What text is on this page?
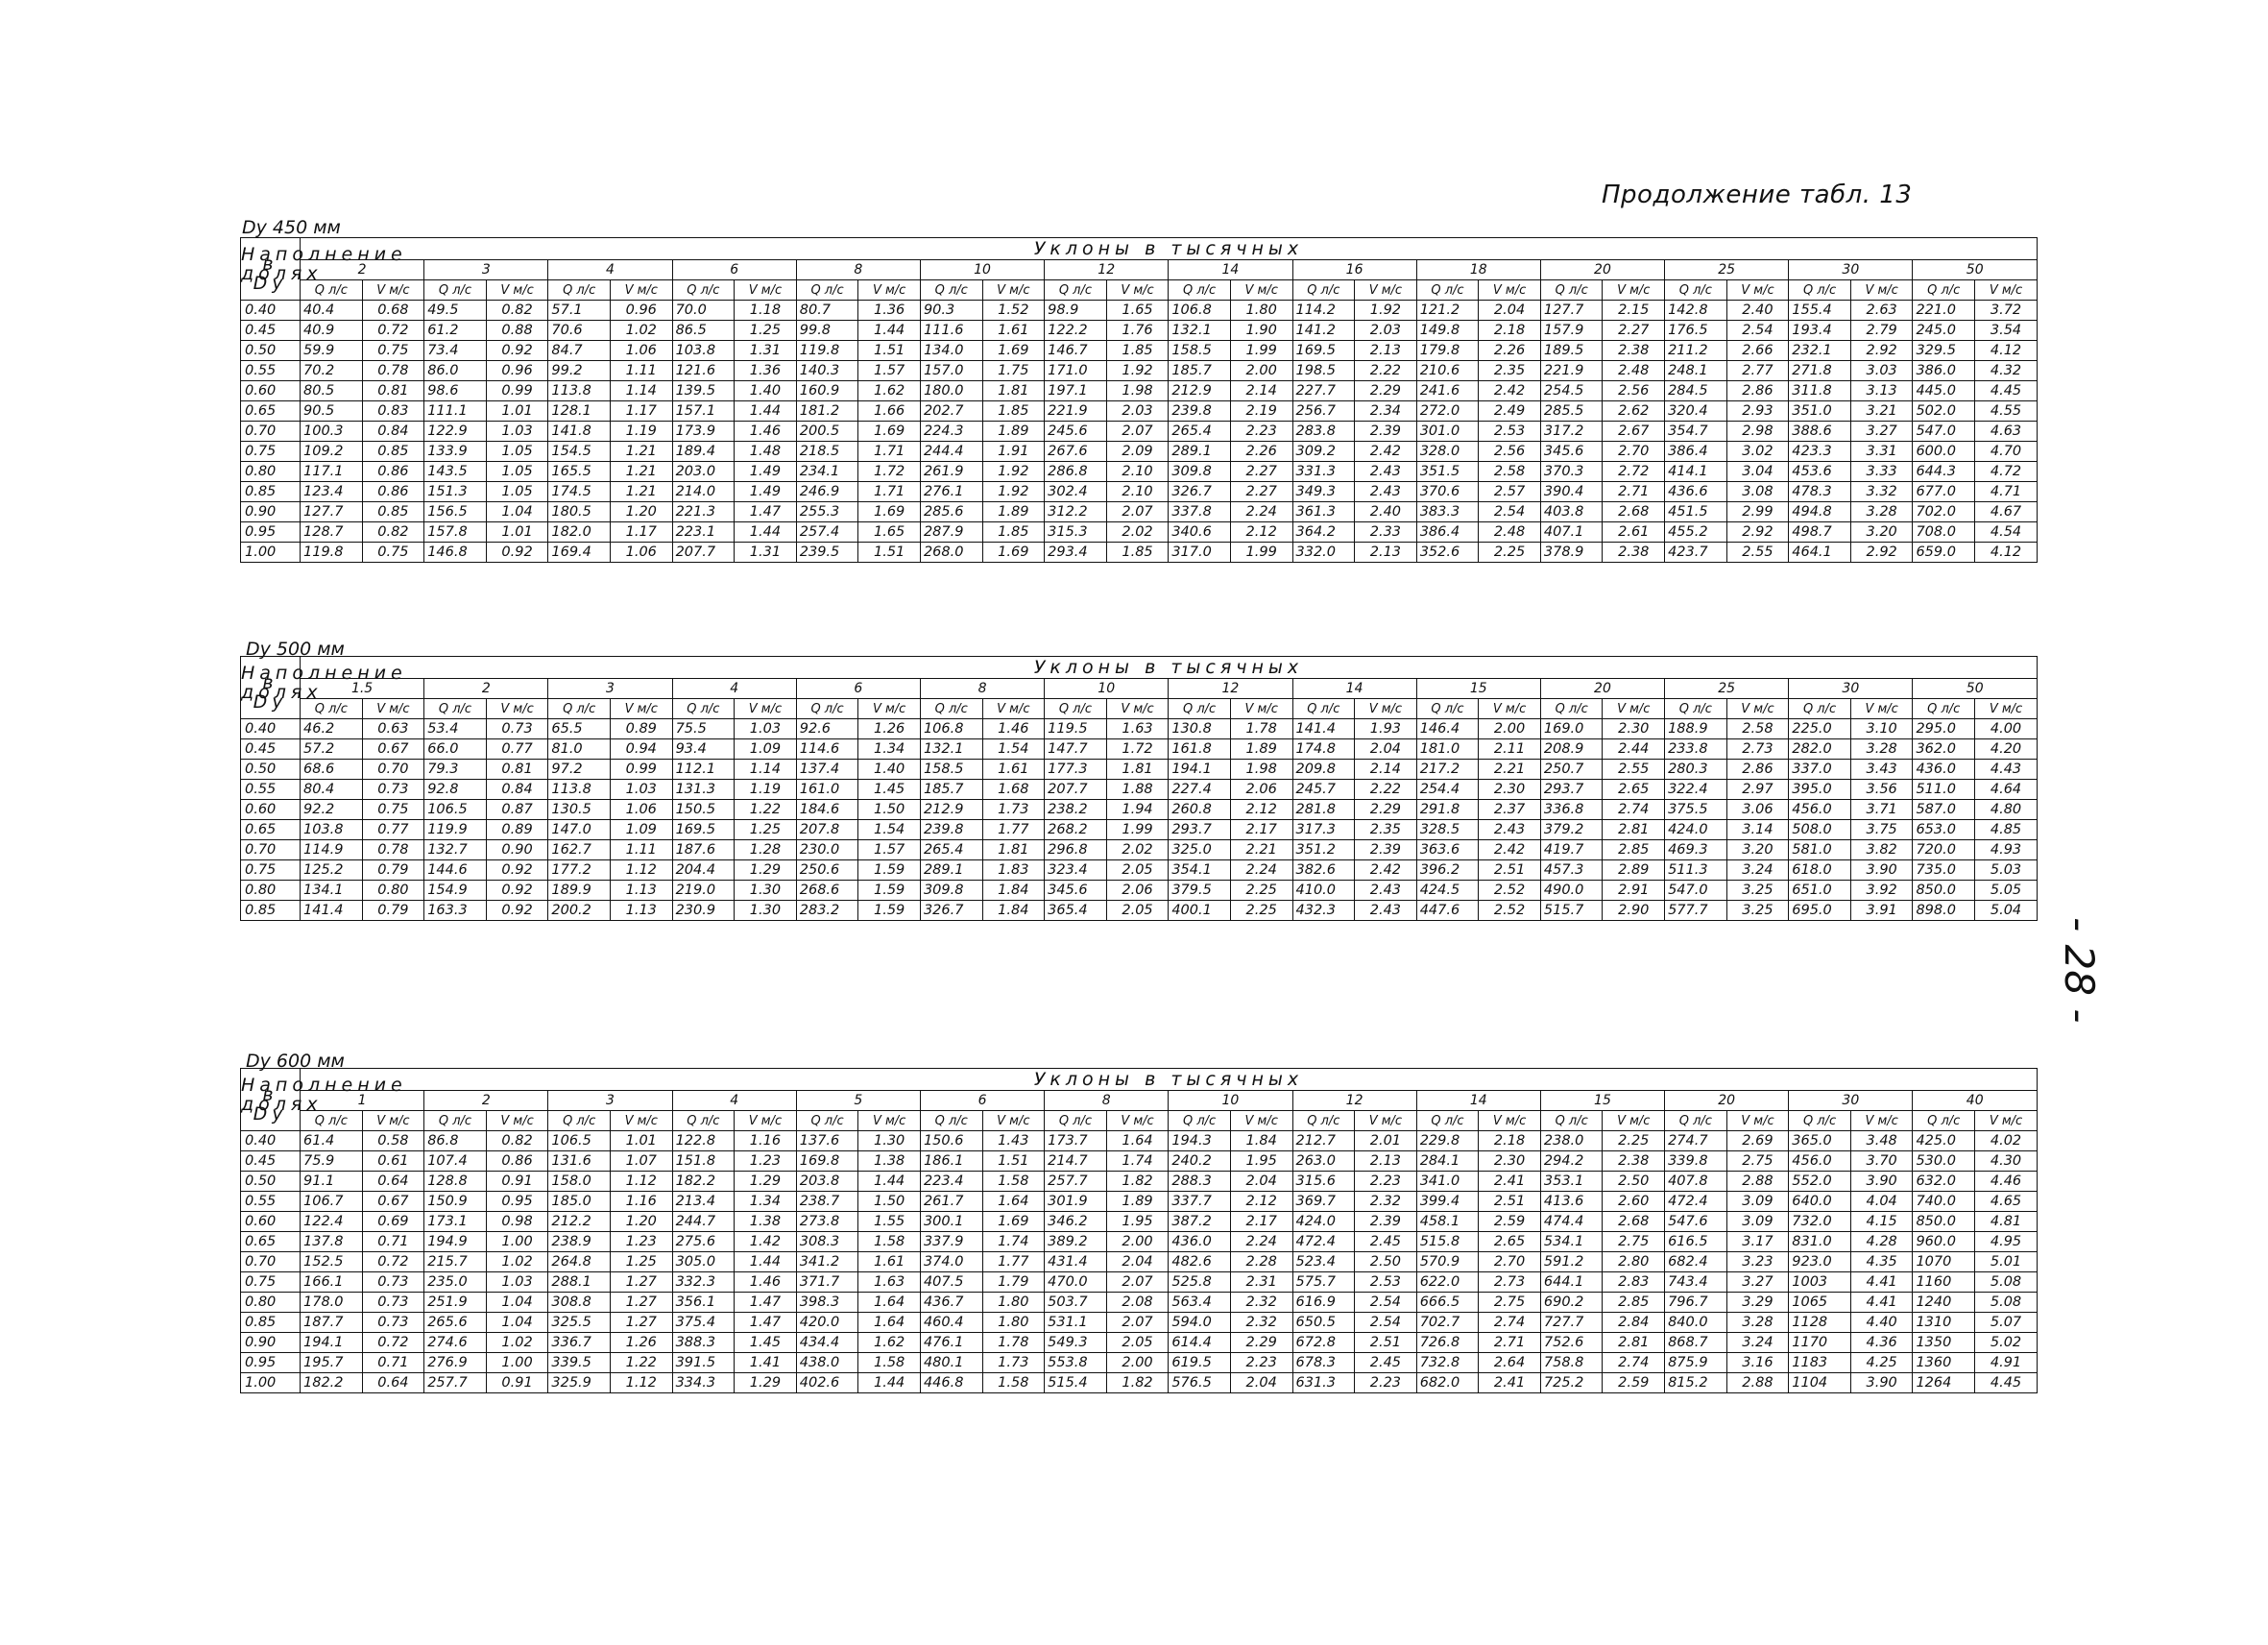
Продолжение табл. 13
- 28 -
Dу 450 мм
Наполнение в долях Dу	Уклоны в тысячных																											
	2		3		4		6		8		10		12		14		16		18		20		25		30		50	
	Q л/с	V м/с	Q л/с	V м/с	Q л/с	V м/с	Q л/с	V м/с	Q л/с	V м/с	Q л/с	V м/с	Q л/с	V м/с	Q л/с	V м/с	Q л/с	V м/с	Q л/с	V м/с	Q л/с	V м/с	Q л/с	V м/с	Q л/с	V м/с	Q л/с	V м/с
0.40	40.4	0.68	49.5	0.82	57.1	0.96	70.0	1.18	80.7	1.36	90.3	1.52	98.9	1.65	106.8	1.80	114.2	1.92	121.2	2.04	127.7	2.15	142.8	2.40	155.4	2.63	221.0	3.72
0.45	40.9	0.72	61.2	0.88	70.6	1.02	86.5	1.25	99.8	1.44	111.6	1.61	122.2	1.76	132.1	1.90	141.2	2.03	149.8	2.18	157.9	2.27	176.5	2.54	193.4	2.79	245.0	3.54
0.50	59.9	0.75	73.4	0.92	84.7	1.06	103.8	1.31	119.8	1.51	134.0	1.69	146.7	1.85	158.5	1.99	169.5	2.13	179.8	2.26	189.5	2.38	211.2	2.66	232.1	2.92	329.5	4.12
0.55	70.2	0.78	86.0	0.96	99.2	1.11	121.6	1.36	140.3	1.57	157.0	1.75	171.0	1.92	185.7	2.00	198.5	2.22	210.6	2.35	221.9	2.48	248.1	2.77	271.8	3.03	386.0	4.32
0.60	80.5	0.81	98.6	0.99	113.8	1.14	139.5	1.40	160.9	1.62	180.0	1.81	197.1	1.98	212.9	2.14	227.7	2.29	241.6	2.42	254.5	2.56	284.5	2.86	311.8	3.13	445.0	4.45
0.65	90.5	0.83	111.1	1.01	128.1	1.17	157.1	1.44	181.2	1.66	202.7	1.85	221.9	2.03	239.8	2.19	256.7	2.34	272.0	2.49	285.5	2.62	320.4	2.93	351.0	3.21	502.0	4.55
0.70	100.3	0.84	122.9	1.03	141.8	1.19	173.9	1.46	200.5	1.69	224.3	1.89	245.6	2.07	265.4	2.23	283.8	2.39	301.0	2.53	317.2	2.67	354.7	2.98	388.6	3.27	547.0	4.63
0.75	109.2	0.85	133.9	1.05	154.5	1.21	189.4	1.48	218.5	1.71	244.4	1.91	267.6	2.09	289.1	2.26	309.2	2.42	328.0	2.56	345.6	2.70	386.4	3.02	423.3	3.31	600.0	4.70
0.80	117.1	0.86	143.5	1.05	165.5	1.21	203.0	1.49	234.1	1.72	261.9	1.92	286.8	2.10	309.8	2.27	331.3	2.43	351.5	2.58	370.3	2.72	414.1	3.04	453.6	3.33	644.3	4.72
0.85	123.4	0.86	151.3	1.05	174.5	1.21	214.0	1.49	246.9	1.71	276.1	1.92	302.4	2.10	326.7	2.27	349.3	2.43	370.6	2.57	390.4	2.71	436.6	3.08	478.3	3.32	677.0	4.71
0.90	127.7	0.85	156.5	1.04	180.5	1.20	221.3	1.47	255.3	1.69	285.6	1.89	312.2	2.07	337.8	2.24	361.3	2.40	383.3	2.54	403.8	2.68	451.5	2.99	494.8	3.28	702.0	4.67
0.95	128.7	0.82	157.8	1.01	182.0	1.17	223.1	1.44	257.4	1.65	287.9	1.85	315.3	2.02	340.6	2.12	364.2	2.33	386.4	2.48	407.1	2.61	455.2	2.92	498.7	3.20	708.0	4.54
1.00	119.8	0.75	146.8	0.92	169.4	1.06	207.7	1.31	239.5	1.51	268.0	1.69	293.4	1.85	317.0	1.99	332.0	2.13	352.6	2.25	378.9	2.38	423.7	2.55	464.1	2.92	659.0	4.12
Dу 500 мм
Наполнение в долях Dу	Уклоны в тысячных																											
	1.5		2		3		4		6		8		10		12		14		15		20		25		30		50	
	Q л/с	V м/с	Q л/с	V м/с	Q л/с	V м/с	Q л/с	V м/с	Q л/с	V м/с	Q л/с	V м/с	Q л/с	V м/с	Q л/с	V м/с	Q л/с	V м/с	Q л/с	V м/с	Q л/с	V м/с	Q л/с	V м/с	Q л/с	V м/с	Q л/с	V м/с
0.40	46.2	0.63	53.4	0.73	65.5	0.89	75.5	1.03	92.6	1.26	106.8	1.46	119.5	1.63	130.8	1.78	141.4	1.93	146.4	2.00	169.0	2.30	188.9	2.58	225.0	3.10	295.0	4.00
0.45	57.2	0.67	66.0	0.77	81.0	0.94	93.4	1.09	114.6	1.34	132.1	1.54	147.7	1.72	161.8	1.89	174.8	2.04	181.0	2.11	208.9	2.44	233.8	2.73	282.0	3.28	362.0	4.20
0.50	68.6	0.70	79.3	0.81	97.2	0.99	112.1	1.14	137.4	1.40	158.5	1.61	177.3	1.81	194.1	1.98	209.8	2.14	217.2	2.21	250.7	2.55	280.3	2.86	337.0	3.43	436.0	4.43
0.55	80.4	0.73	92.8	0.84	113.8	1.03	131.3	1.19	161.0	1.45	185.7	1.68	207.7	1.88	227.4	2.06	245.7	2.22	254.4	2.30	293.7	2.65	322.4	2.97	395.0	3.56	511.0	4.64
0.60	92.2	0.75	106.5	0.87	130.5	1.06	150.5	1.22	184.6	1.50	212.9	1.73	238.2	1.94	260.8	2.12	281.8	2.29	291.8	2.37	336.8	2.74	375.5	3.06	456.0	3.71	587.0	4.80
0.65	103.8	0.77	119.9	0.89	147.0	1.09	169.5	1.25	207.8	1.54	239.8	1.77	268.2	1.99	293.7	2.17	317.3	2.35	328.5	2.43	379.2	2.81	424.0	3.14	508.0	3.75	653.0	4.85
0.70	114.9	0.78	132.7	0.90	162.7	1.11	187.6	1.28	230.0	1.57	265.4	1.81	296.8	2.02	325.0	2.21	351.2	2.39	363.6	2.42	419.7	2.85	469.3	3.20	581.0	3.82	720.0	4.93
0.75	125.2	0.79	144.6	0.92	177.2	1.12	204.4	1.29	250.6	1.59	289.1	1.83	323.4	2.05	354.1	2.24	382.6	2.42	396.2	2.51	457.3	2.89	511.3	3.24	618.0	3.90	735.0	5.03
0.80	134.1	0.80	154.9	0.92	189.9	1.13	219.0	1.30	268.6	1.59	309.8	1.84	345.6	2.06	379.5	2.25	410.0	2.43	424.5	2.52	490.0	2.91	547.0	3.25	651.0	3.92	850.0	5.05
0.85	141.4	0.79	163.3	0.92	200.2	1.13	230.9	1.30	283.2	1.59	326.7	1.84	365.4	2.05	400.1	2.25	432.3	2.43	447.6	2.52	515.7	2.90	577.7	3.25	695.0	3.91	898.0	5.04
Dу 600 мм
Наполнение в долях Dу	Уклоны в тысячных																											
	1		2		3		4		5		6		8		10		12		14		15		20		30		40	
	Q л/с	V м/с	Q л/с	V м/с	Q л/с	V м/с	Q л/с	V м/с	Q л/с	V м/с	Q л/с	V м/с	Q л/с	V м/с	Q л/с	V м/с	Q л/с	V м/с	Q л/с	V м/с	Q л/с	V м/с	Q л/с	V м/с	Q л/с	V м/с	Q л/с	V м/с
0.40	61.4	0.58	86.8	0.82	106.5	1.01	122.8	1.16	137.6	1.30	150.6	1.43	173.7	1.64	194.3	1.84	212.7	2.01	229.8	2.18	238.0	2.25	274.7	2.69	365.0	3.48	425.0	4.02
0.45	75.9	0.61	107.4	0.86	131.6	1.07	151.8	1.23	169.8	1.38	186.1	1.51	214.7	1.74	240.2	1.95	263.0	2.13	284.1	2.30	294.2	2.38	339.8	2.75	456.0	3.70	530.0	4.30
0.50	91.1	0.64	128.8	0.91	158.0	1.12	182.2	1.29	203.8	1.44	223.4	1.58	257.7	1.82	288.3	2.04	315.6	2.23	341.0	2.41	353.1	2.50	407.8	2.88	552.0	3.90	632.0	4.46
0.55	106.7	0.67	150.9	0.95	185.0	1.16	213.4	1.34	238.7	1.50	261.7	1.64	301.9	1.89	337.7	2.12	369.7	2.32	399.4	2.51	413.6	2.60	472.4	3.09	640.0	4.04	740.0	4.65
0.60	122.4	0.69	173.1	0.98	212.2	1.20	244.7	1.38	273.8	1.55	300.1	1.69	346.2	1.95	387.2	2.17	424.0	2.39	458.1	2.59	474.4	2.68	547.6	3.09	732.0	4.15	850.0	4.81
0.65	137.8	0.71	194.9	1.00	238.9	1.23	275.6	1.42	308.3	1.58	337.9	1.74	389.2	2.00	436.0	2.24	472.4	2.45	515.8	2.65	534.1	2.75	616.5	3.17	831.0	4.28	960.0	4.95
0.70	152.5	0.72	215.7	1.02	264.8	1.25	305.0	1.44	341.2	1.61	374.0	1.77	431.4	2.04	482.6	2.28	523.4	2.50	570.9	2.70	591.2	2.80	682.4	3.23	923.0	4.35	1070	5.01
0.75	166.1	0.73	235.0	1.03	288.1	1.27	332.3	1.46	371.7	1.63	407.5	1.79	470.0	2.07	525.8	2.31	575.7	2.53	622.0	2.73	644.1	2.83	743.4	3.27	1003	4.41	1160	5.08
0.80	178.0	0.73	251.9	1.04	308.8	1.27	356.1	1.47	398.3	1.64	436.7	1.80	503.7	2.08	563.4	2.32	616.9	2.54	666.5	2.75	690.2	2.85	796.7	3.29	1065	4.41	1240	5.08
0.85	187.7	0.73	265.6	1.04	325.5	1.27	375.4	1.47	420.0	1.64	460.4	1.80	531.1	2.07	594.0	2.32	650.5	2.54	702.7	2.74	727.7	2.84	840.0	3.28	1128	4.40	1310	5.07
0.90	194.1	0.72	274.6	1.02	336.7	1.26	388.3	1.45	434.4	1.62	476.1	1.78	549.3	2.05	614.4	2.29	672.8	2.51	726.8	2.71	752.6	2.81	868.7	3.24	1170	4.36	1350	5.02
0.95	195.7	0.71	276.9	1.00	339.5	1.22	391.5	1.41	438.0	1.58	480.1	1.73	553.8	2.00	619.5	2.23	678.3	2.45	732.8	2.64	758.8	2.74	875.9	3.16	1183	4.25	1360	4.91
1.00	182.2	0.64	257.7	0.91	325.9	1.12	334.3	1.29	402.6	1.44	446.8	1.58	515.4	1.82	576.5	2.04	631.3	2.23	682.0	2.41	725.2	2.59	815.2	2.88	1104	3.90	1264	4.45
